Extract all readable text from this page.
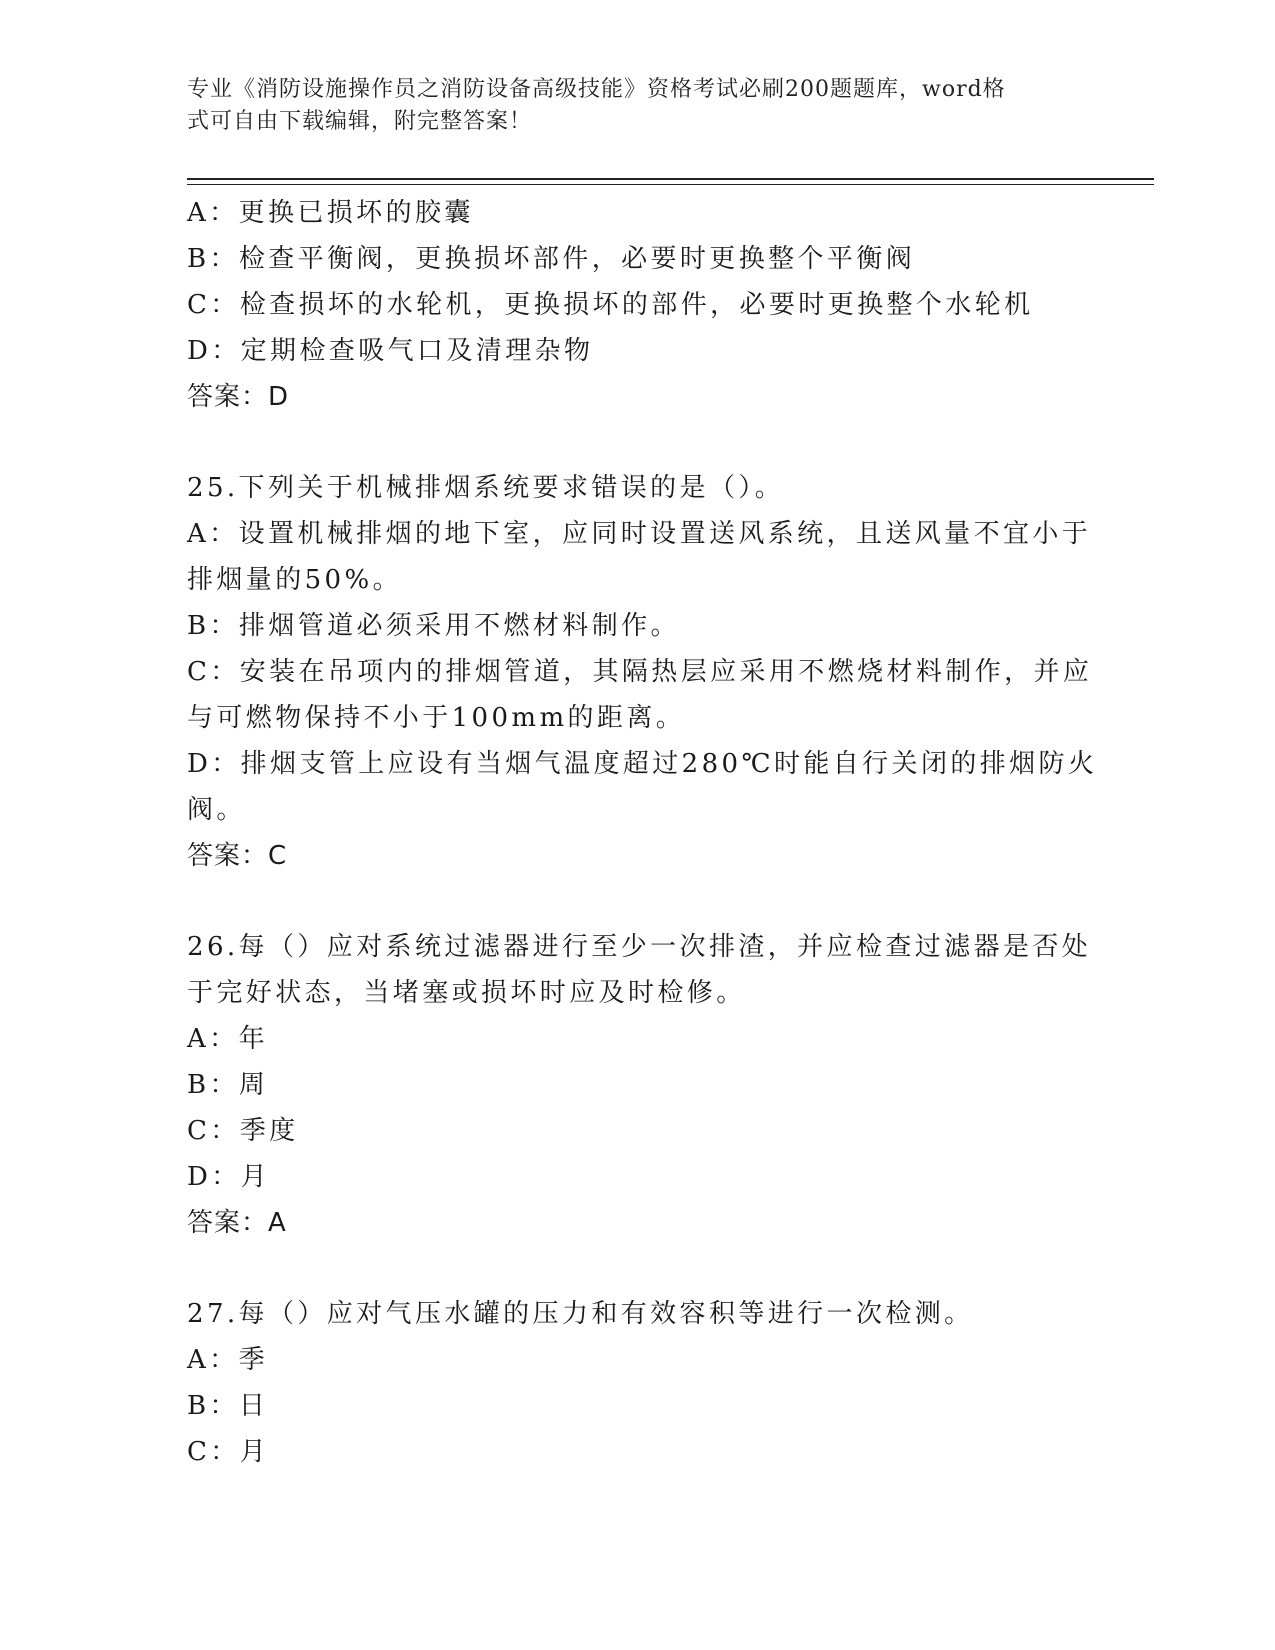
专业《消防设施操作员之消防设备高级技能》资格考试必刷200题题库，word格
式可自由下载编辑，附完整答案！
A：更换已损坏的胶囊
B：检查平衡阀，更换损坏部件，必要时更换整个平衡阀
C：检查损坏的水轮机，更换损坏的部件，必要时更换整个水轮机
D：定期检查吸气口及清理杂物
答案：D
25.下列关于机械排烟系统要求错误的是（）。
A：设置机械排烟的地下室，应同时设置送风系统，且送风量不宜小于
排烟量的50%。
B：排烟管道必须采用不燃材料制作。
C：安装在吊项内的排烟管道，其隔热层应采用不燃烧材料制作，并应
与可燃物保持不小于100mm的距离。
D：排烟支管上应设有当烟气温度超过280℃时能自行关闭的排烟防火
阀。
答案：C
26.每（）应对系统过滤器进行至少一次排渣，并应检查过滤器是否处
于完好状态，当堵塞或损坏时应及时检修。
A：年
B：周
C：季度
D：月
答案：A
27.每（）应对气压水罐的压力和有效容积等进行一次检测。
A：季
B：日
C：月
